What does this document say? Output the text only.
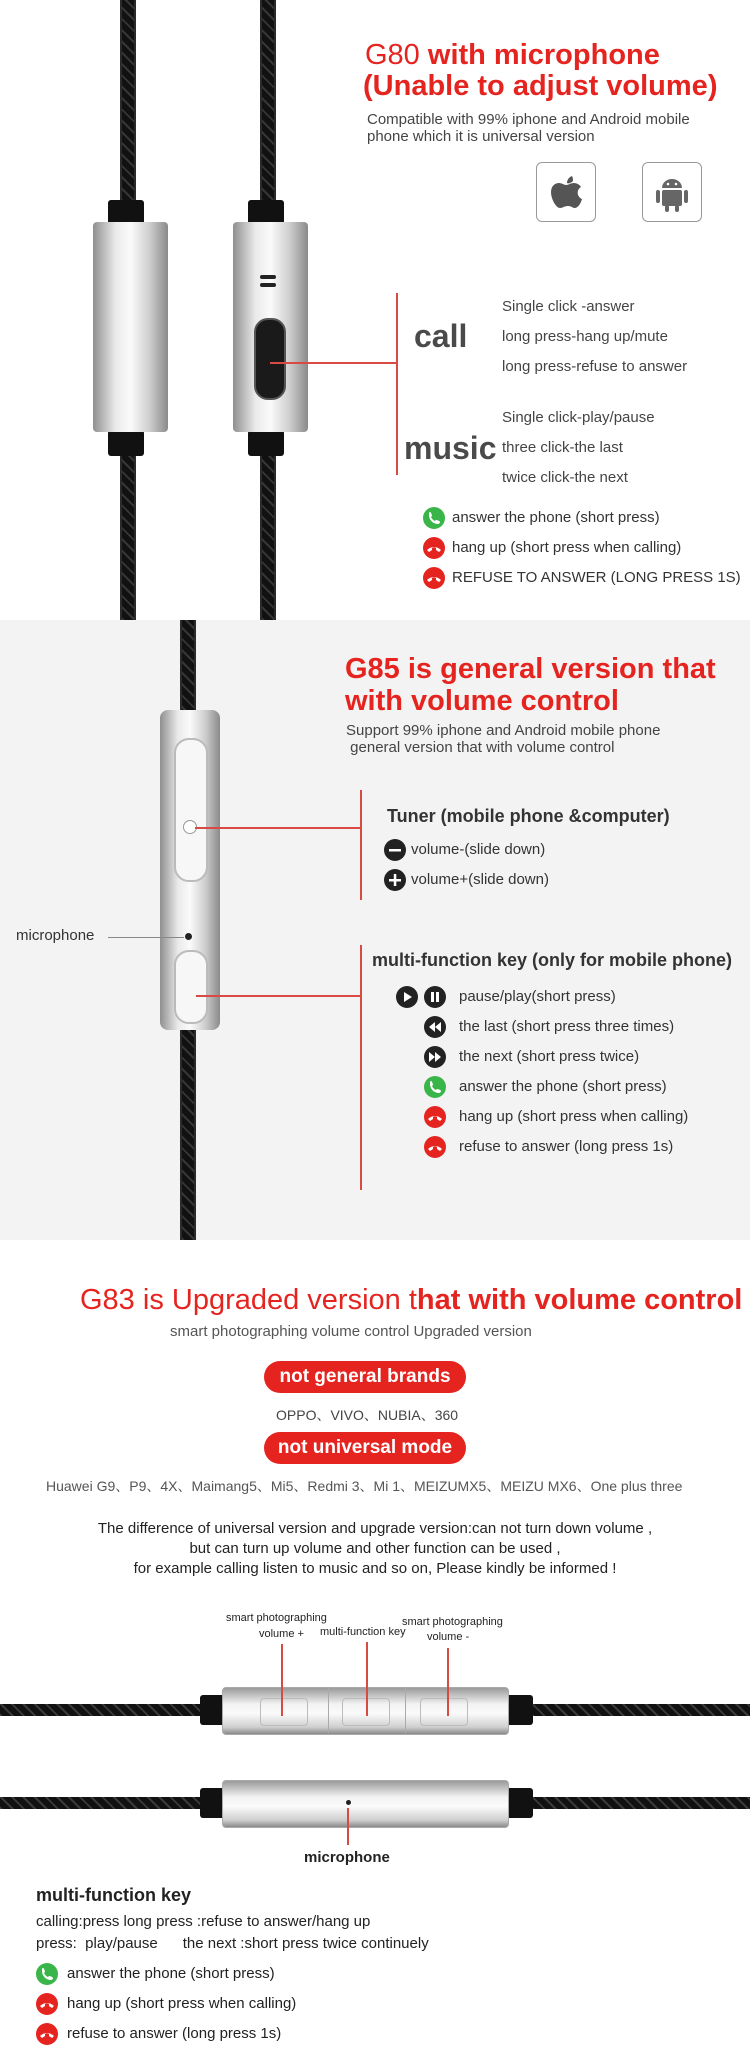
G80 with microphone
(Unable to adjust volume)
Compatible with 99% iphone and Android mobile
phone which it is universal version
call
music
Single click -answer
long press-hang up/mute
long press-refuse to answer
Single click-play/pause
three click-the last
twice click-the next
answer the phone (short press)
hang up (short press when calling)
REFUSE TO ANSWER (LONG PRESS 1S)
G85 is general version that
with volume control
Support 99% iphone and Android mobile phone
general version that with volume control
Tuner (mobile phone &computer)
volume-(slide down)
volume+(slide down)
microphone
multi-function key (only for mobile phone)
pause/play(short press)
the last (short press three times)
the next (short press twice)
answer the phone (short press)
hang up (short press when calling)
refuse to answer (long press 1s)
G83 is Upgraded version that with volume control
smart photographing volume control Upgraded version
not general brands
OPPO、VIVO、NUBIA、360
not universal mode
Huawei G9、P9、4X、Maimang5、Mi5、Redmi 3、Mi 1、MEIZUMX5、MEIZU MX6、One plus three
The difference of universal version and upgrade version:can not turn down volume ,
but can turn up volume and other function can be used ,
for example calling listen to music and so on, Please kindly be informed !
smart photographing
volume + multi-function key
smart photographing
volume -
microphone
multi-function key
calling:press long press :refuse to answer/hang up
press:  play/pause      the next :short press twice continuely
answer the phone (short press)
hang up (short press when calling)
refuse to answer (long press 1s)
